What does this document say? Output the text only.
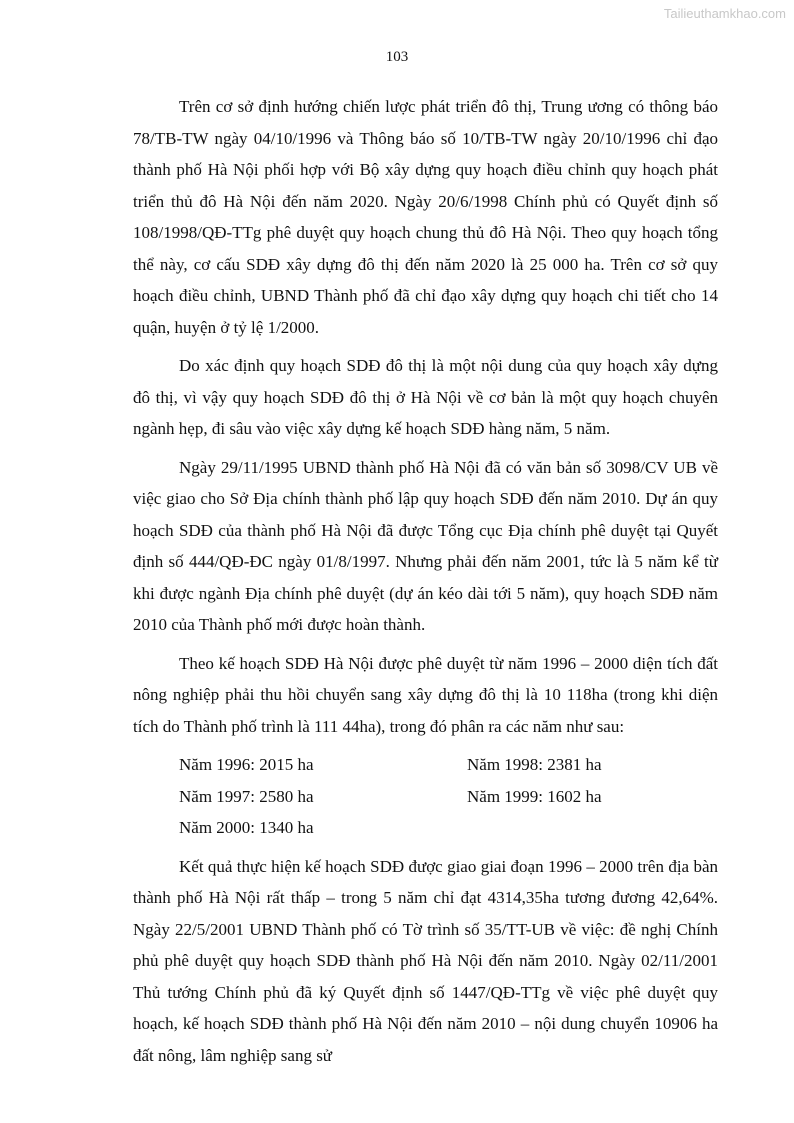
Tailieuthamkhao.com
103

Trên cơ sở định hướng chiến lược phát triển đô thị, Trung ương có thông báo 78/TB-TW ngày 04/10/1996 và Thông báo số 10/TB-TW ngày 20/10/1996 chỉ đạo thành phố Hà Nội phối hợp với Bộ xây dựng quy hoạch điều chỉnh quy hoạch phát triển thủ đô Hà Nội đến năm 2020. Ngày 20/6/1998 Chính phủ có Quyết định số 108/1998/QĐ-TTg phê duyệt quy hoạch chung thủ đô Hà Nội. Theo quy hoạch tổng thể này, cơ cấu SDĐ xây dựng đô thị đến năm 2020 là 25 000 ha. Trên cơ sở quy hoạch điều chỉnh, UBND Thành phố đã chỉ đạo xây dựng quy hoạch chi tiết cho 14 quận, huyện ở tỷ lệ 1/2000.

Do xác định quy hoạch SDĐ đô thị là một nội dung của quy hoạch xây dựng đô thị, vì vậy quy hoạch SDĐ đô thị ở Hà Nội về cơ bản là một quy hoạch chuyên ngành hẹp, đi sâu vào việc xây dựng kế hoạch SDĐ hàng năm, 5 năm.

Ngày 29/11/1995 UBND thành phố Hà Nội đã có văn bản số 3098/CV UB về việc giao cho Sở Địa chính thành phố lập quy hoạch SDĐ đến năm 2010. Dự án quy hoạch SDĐ của thành phố Hà Nội đã được Tổng cục Địa chính phê duyệt tại Quyết định số 444/QĐ-ĐC ngày 01/8/1997. Nhưng phải đến năm 2001, tức là 5 năm kể từ khi được ngành Địa chính phê duyệt (dự án kéo dài tới 5 năm), quy hoạch SDĐ năm 2010 của Thành phố mới được hoàn thành.

Theo kế hoạch SDĐ Hà Nội được phê duyệt từ năm 1996 – 2000 diện tích đất nông nghiệp phải thu hồi chuyển sang xây dựng đô thị là 10 118ha (trong khi diện tích do Thành phố trình là 111 44ha), trong đó phân ra các năm như sau:

Năm 1996: 2015 ha	Năm 1998: 2381 ha
Năm 1997: 2580 ha	Năm 1999: 1602 ha
Năm 2000: 1340 ha

Kết quả thực hiện kế hoạch SDĐ được giao giai đoạn 1996 – 2000 trên địa bàn thành phố Hà Nội rất thấp – trong 5 năm chỉ đạt 4314,35ha tương đương 42,64%. Ngày 22/5/2001 UBND Thành phố có Tờ trình số 35/TT-UB về việc: đề nghị Chính phủ phê duyệt quy hoạch SDĐ thành phố Hà Nội đến năm 2010. Ngày 02/11/2001 Thủ tướng Chính phủ đã ký Quyết định số 1447/QĐ-TTg về việc phê duyệt quy hoạch, kế hoạch SDĐ thành phố Hà Nội đến năm 2010 – nội dung chuyển 10906 ha đất nông, lâm nghiệp sang sử
